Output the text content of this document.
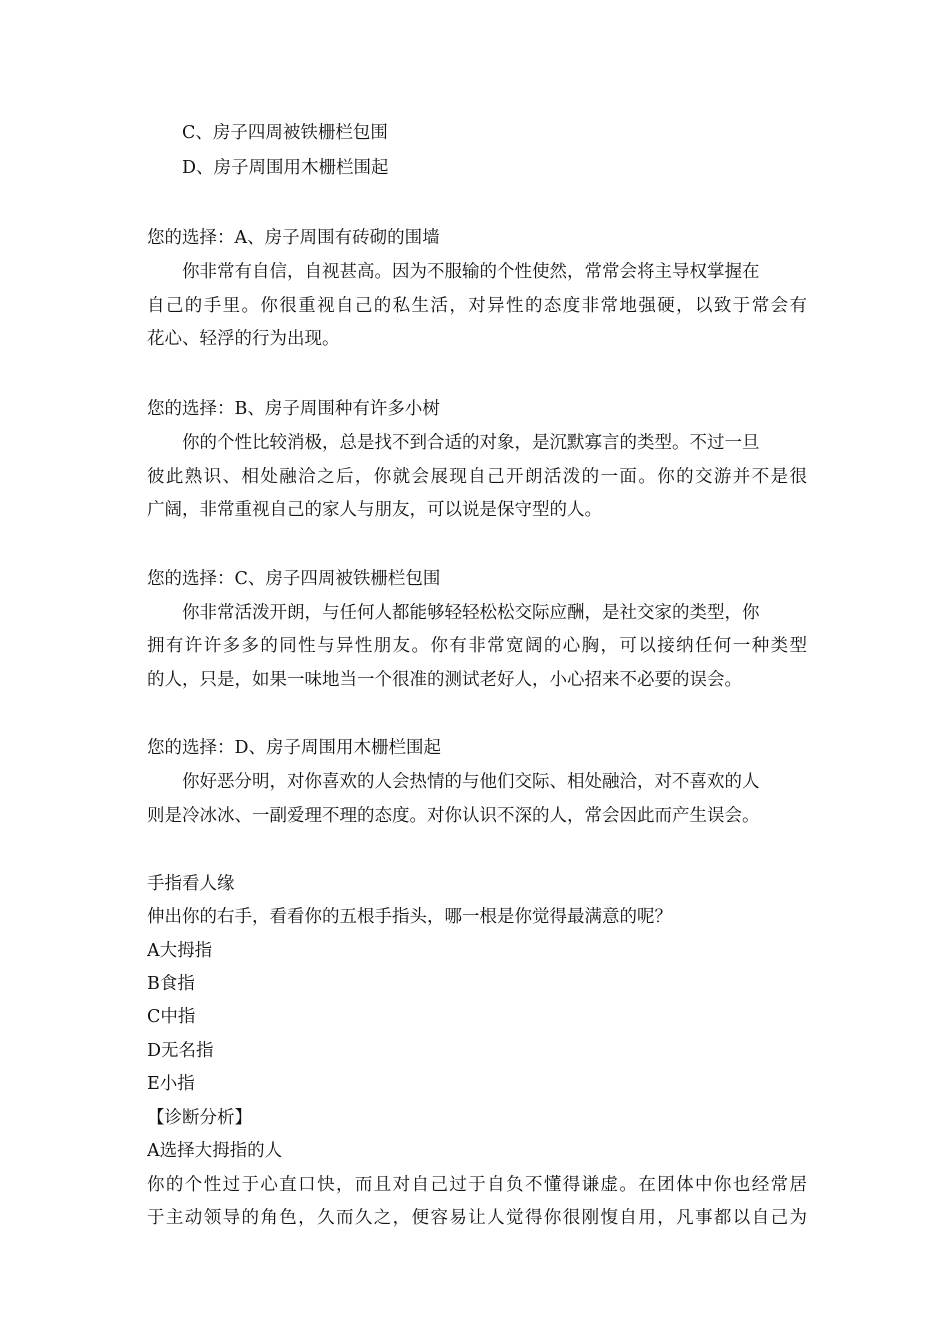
C、房子四周被铁栅栏包围
D、房子周围用木栅栏围起
您的选择：A、房子周围有砖砌的围墙
你非常有自信，自视甚高。因为不服输的个性使然，常常会将主导权掌握在
自己的手里。你很重视自己的私生活，对异性的态度非常地强硬，以致于常会有
花心、轻浮的行为出现。
您的选择：B、房子周围种有许多小树
你的个性比较消极，总是找不到合适的对象，是沉默寡言的类型。不过一旦
彼此熟识、相处融洽之后，你就会展现自己开朗活泼的一面。你的交游并不是很
广阔，非常重视自己的家人与朋友，可以说是保守型的人。
您的选择：C、房子四周被铁栅栏包围
你非常活泼开朗，与任何人都能够轻轻松松交际应酬，是社交家的类型，你
拥有许许多多的同性与异性朋友。你有非常宽阔的心胸，可以接纳任何一种类型
的人，只是，如果一味地当一个很准的测试老好人，小心招来不必要的误会。
您的选择：D、房子周围用木栅栏围起
你好恶分明，对你喜欢的人会热情的与他们交际、相处融洽，对不喜欢的人
则是冷冰冰、一副爱理不理的态度。对你认识不深的人，常会因此而产生误会。
手指看人缘
伸出你的右手，看看你的五根手指头，哪一根是你觉得最满意的呢？
A大拇指
B食指
C中指
D无名指
E小指
【诊断分析】
A选择大拇指的人
你的个性过于心直口快，而且对自己过于自负不懂得谦虚。在团体中你也经常居
于主动领导的角色，久而久之，便容易让人觉得你很刚愎自用，凡事都以自己为
